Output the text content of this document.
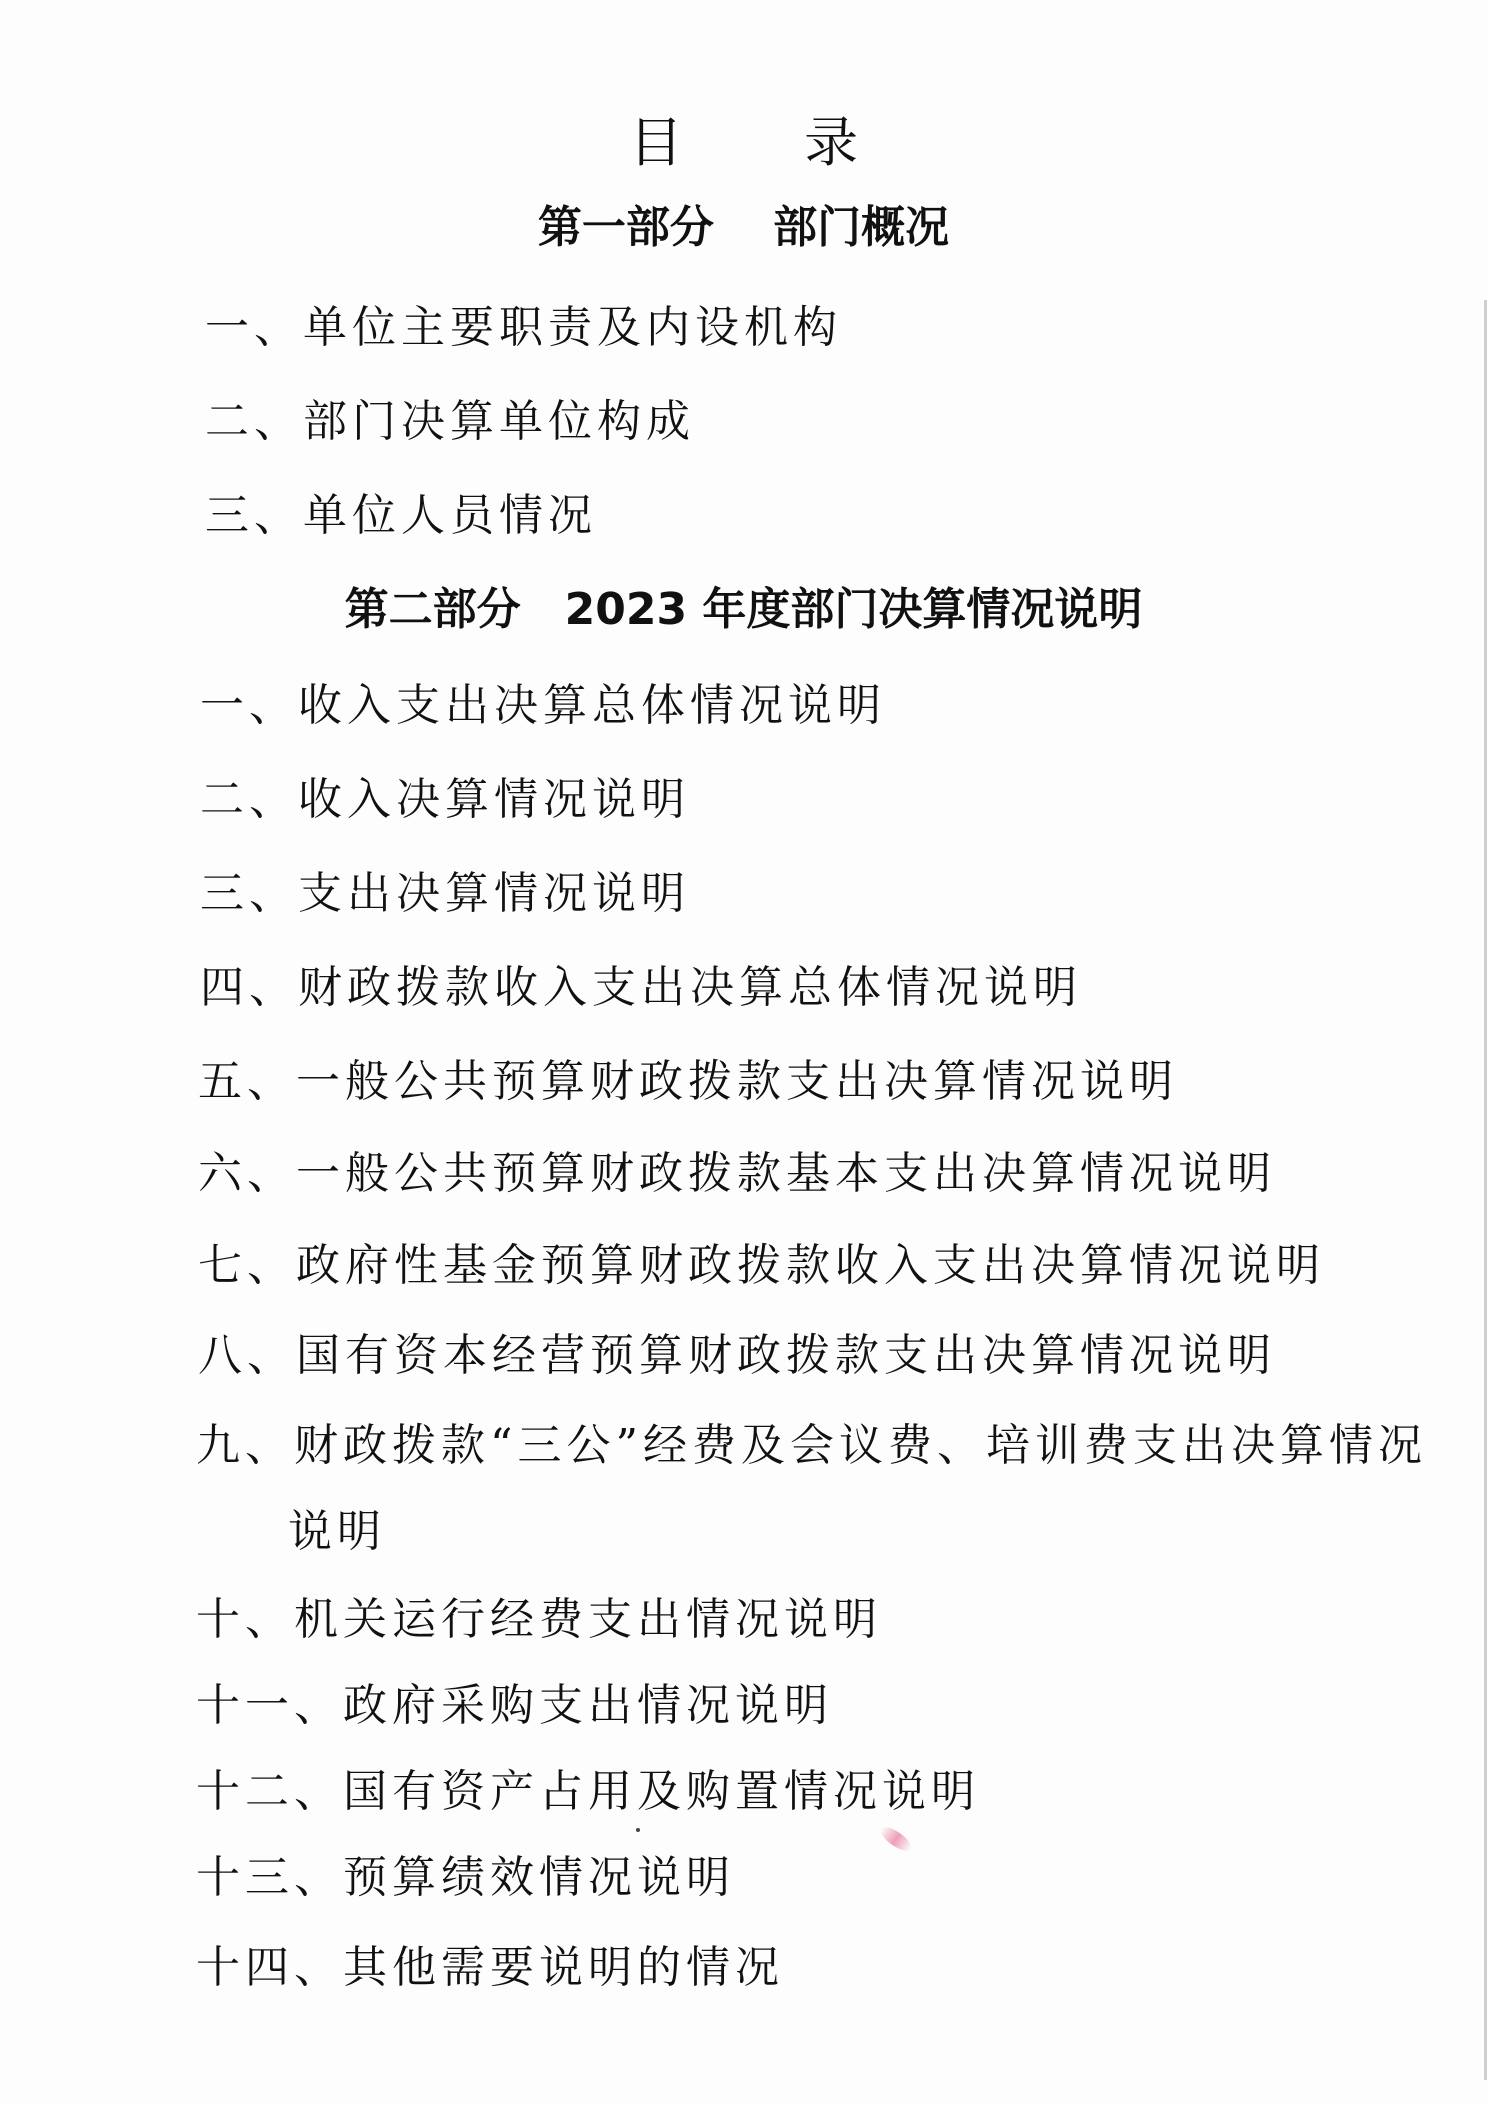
目 录
第一部分　 部门概况
一、单位主要职责及内设机构
二、部门决算单位构成
三、单位人员情况
第二部分　2023 年度部门决算情况说明
一、收入支出决算总体情况说明
二、收入决算情况说明
三、支出决算情况说明
四、财政拨款收入支出决算总体情况说明
五、一般公共预算财政拨款支出决算情况说明
六、一般公共预算财政拨款基本支出决算情况说明
七、政府性基金预算财政拨款收入支出决算情况说明
八、国有资本经营预算财政拨款支出决算情况说明
九、财政拨款“三公”经费及会议费、培训费支出决算情况
说明
十、机关运行经费支出情况说明
十一、政府采购支出情况说明
十二、国有资产占用及购置情况说明
十三、预算绩效情况说明
十四、其他需要说明的情况
